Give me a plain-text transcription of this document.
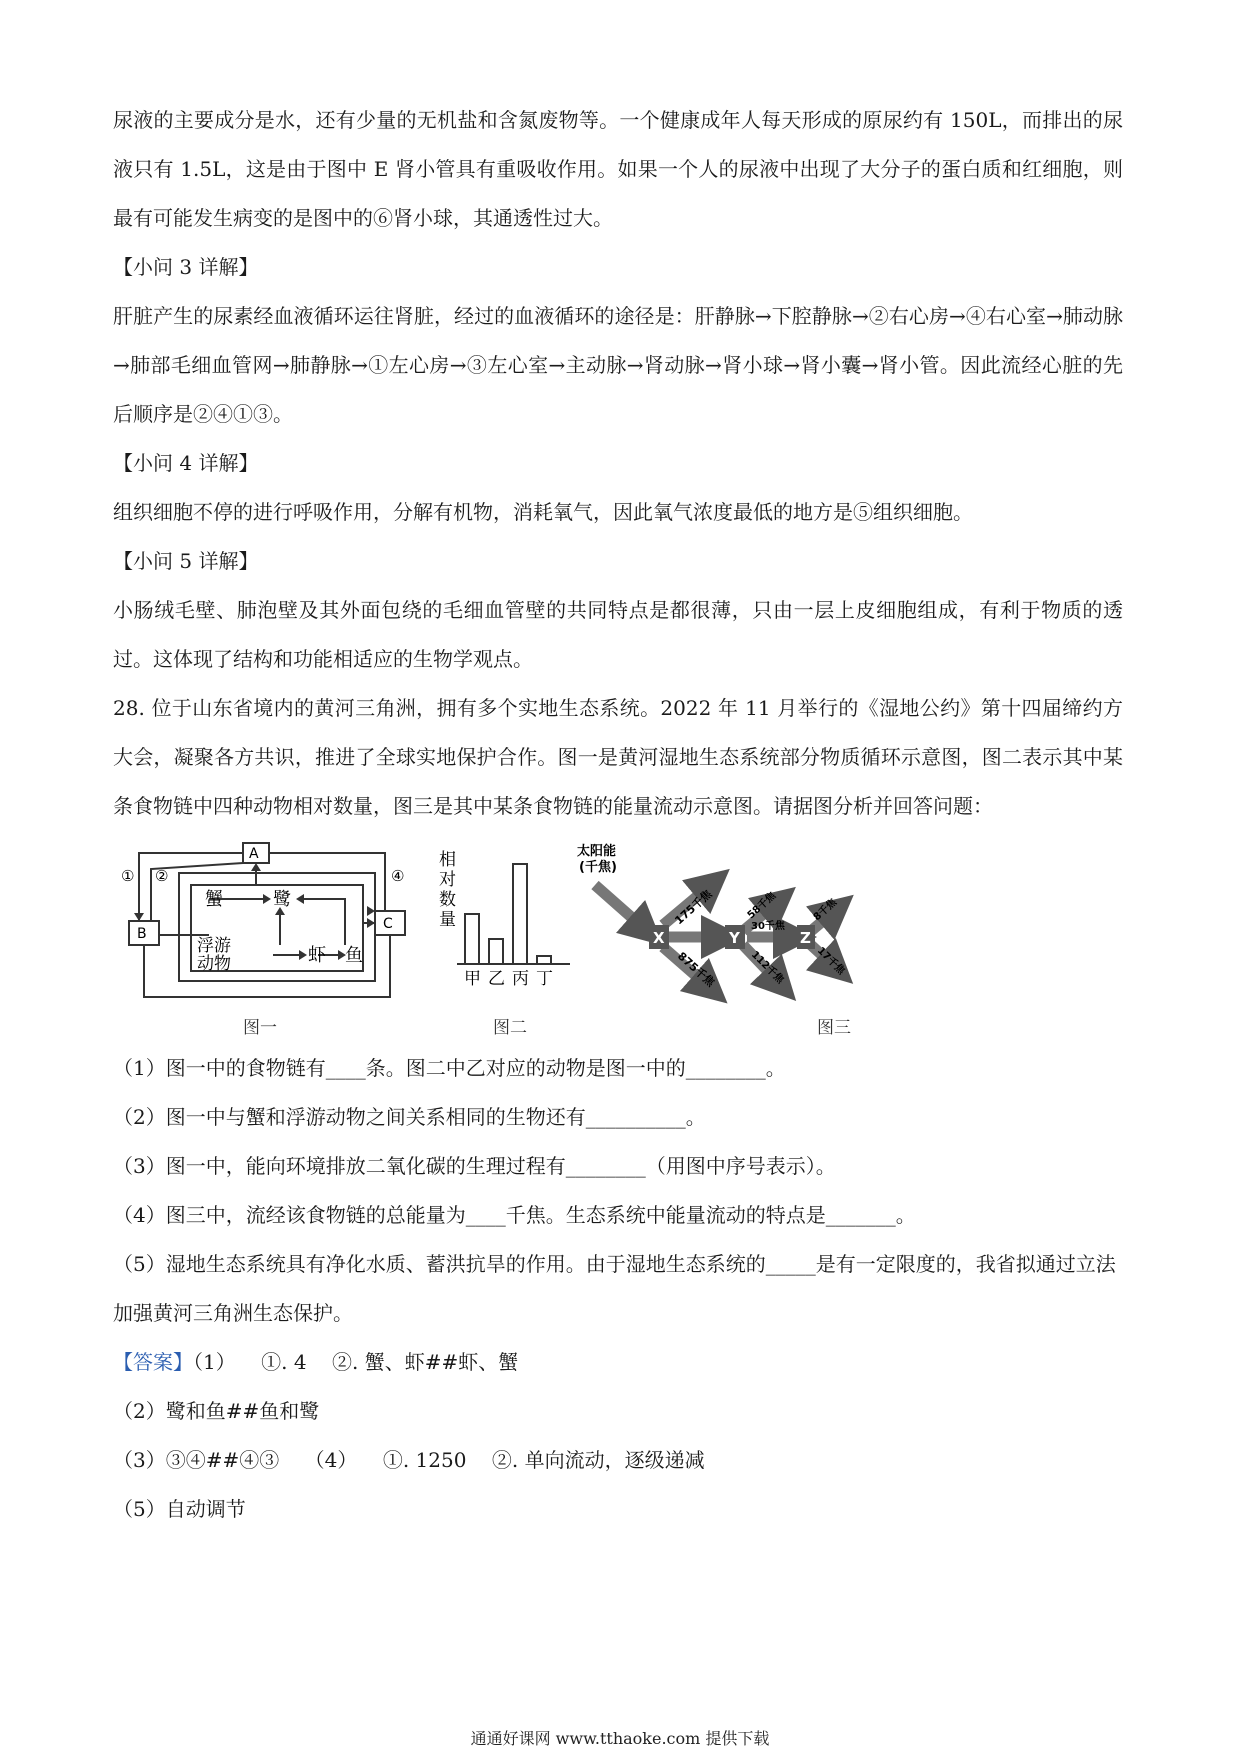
尿液的主要成分是水，还有少量的无机盐和含氮废物等。一个健康成年人每天形成的原尿约有 150L，而排出的尿液只有 1.5L，这是由于图中 E 肾小管具有重吸收作用。如果一个人的尿液中出现了大分子的蛋白质和红细胞，则最有可能发生病变的是图中的⑥肾小球，其通透性过大。
【小问 3 详解】
肝脏产生的尿素经血液循环运往肾脏，经过的血液循环的途径是：肝静脉→下腔静脉→②右心房→④右心室→肺动脉→肺部毛细血管网→肺静脉→①左心房→③左心室→主动脉→肾动脉→肾小球→肾小囊→肾小管。因此流经心脏的先后顺序是②④①③。
【小问 4 详解】
组织细胞不停的进行呼吸作用，分解有机物，消耗氧气，因此氧气浓度最低的地方是⑤组织细胞。
【小问 5 详解】
小肠绒毛壁、肺泡壁及其外面包绕的毛细血管壁的共同特点是都很薄，只由一层上皮细胞组成，有利于物质的透过。这体现了结构和功能相适应的生物学观点。
28. 位于山东省境内的黄河三角洲，拥有多个实地生态系统。2022 年 11 月举行的《湿地公约》第十四届缔约方大会，凝聚各方共识，推进了全球实地保护合作。图一是黄河湿地生态系统部分物质循环示意图，图二表示其中某条食物链中四种动物相对数量，图三是其中某条食物链的能量流动示意图。请据图分析并回答问题：
A
B
C
① ②	④
蟹	鹭
浮游
动物	虾 鱼
图一
相
对
数
量
甲 乙 丙 丁
图二
太阳能
(千焦)
X	Y	Z
175千焦
875千焦
58千焦
30千焦
112千焦
8千焦
17千焦
图三
（1）图一中的食物链有____条。图二中乙对应的动物是图一中的________。
（2）图一中与蟹和浮游动物之间关系相同的生物还有__________。
（3）图一中，能向环境排放二氧化碳的生理过程有________（用图中序号表示）。
（4）图三中，流经该食物链的总能量为____千焦。生态系统中能量流动的特点是_______。
（5）湿地生态系统具有净化水质、蓄洪抗旱的作用。由于湿地生态系统的_____是有一定限度的，我省拟通过立法加强黄河三角洲生态保护。
【答案】（1）    ①. 4    ②. 蟹、虾##虾、蟹
（2）鹭和鱼##鱼和鹭
（3）③④##④③    （4）    ①. 1250    ②. 单向流动，逐级递减
（5）自动调节
通通好课网 www.tthaoke.com 提供下载
